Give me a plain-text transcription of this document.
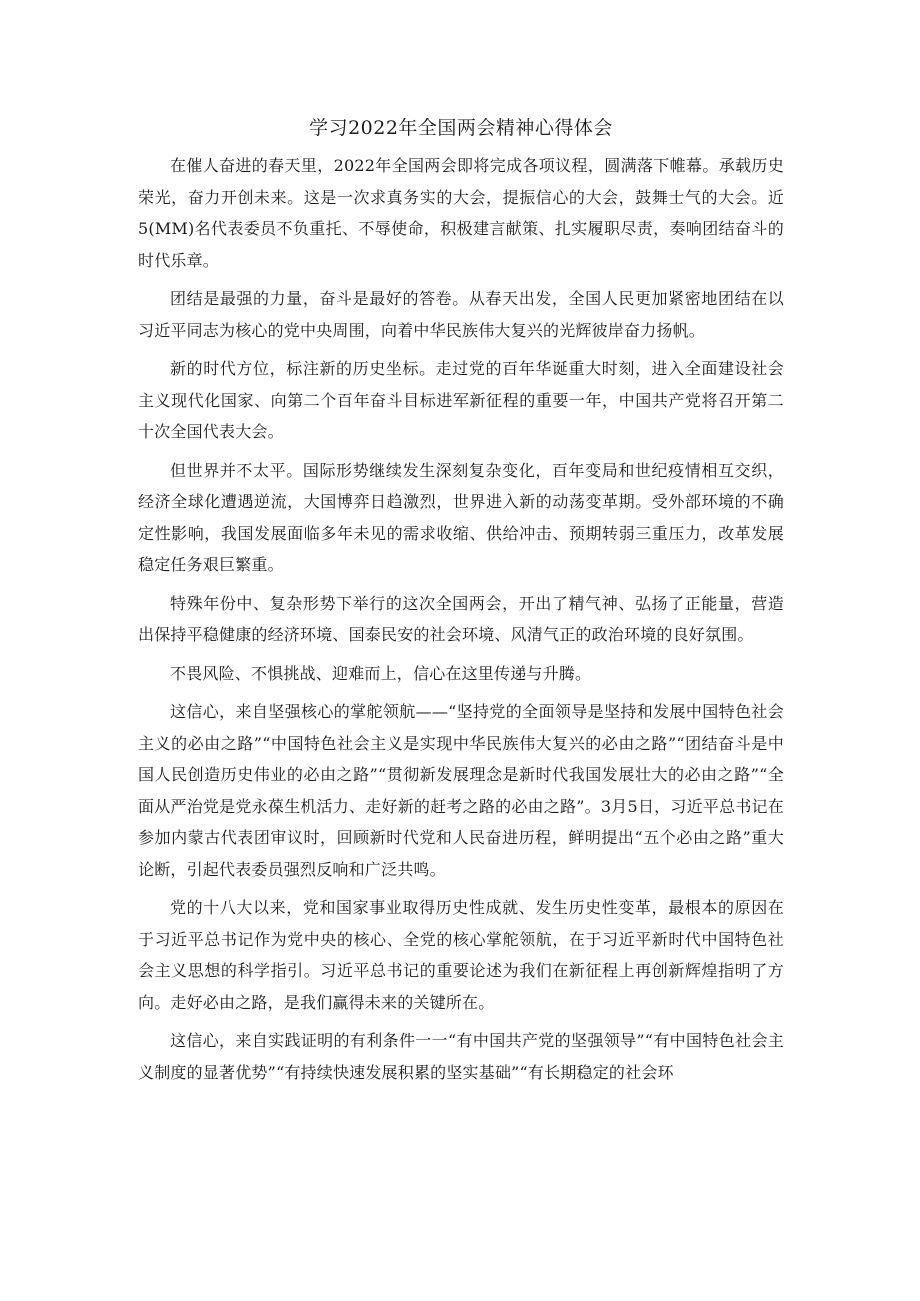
学习2022年全国两会精神心得体会

在催人奋进的春天里，2022年全国两会即将完成各项议程，圆满落下帷幕。承载历史荣光，奋力开创未来。这是一次求真务实的大会，提振信心的大会，鼓舞士气的大会。近5(MM)名代表委员不负重托、不辱使命，积极建言献策、扎实履职尽责，奏响团结奋斗的时代乐章。

团结是最强的力量，奋斗是最好的答卷。从春天出发，全国人民更加紧密地团结在以习近平同志为核心的党中央周围，向着中华民族伟大复兴的光辉彼岸奋力扬帆。

新的时代方位，标注新的历史坐标。走过党的百年华诞重大时刻，进入全面建设社会主义现代化国家、向第二个百年奋斗目标进军新征程的重要一年，中国共产党将召开第二十次全国代表大会。

但世界并不太平。国际形势继续发生深刻复杂变化，百年变局和世纪疫情相互交织，经济全球化遭遇逆流，大国博弈日趋激烈，世界进入新的动荡变革期。受外部环境的不确定性影响，我国发展面临多年未见的需求收缩、供给冲击、预期转弱三重压力，改革发展稳定任务艰巨繁重。

特殊年份中、复杂形势下举行的这次全国两会，开出了精气神、弘扬了正能量，营造出保持平稳健康的经济环境、国泰民安的社会环境、风清气正的政治环境的良好氛围。

不畏风险、不惧挑战、迎难而上，信心在这里传递与升腾。

这信心，来自坚强核心的掌舵领航——“坚持党的全面领导是坚持和发展中国特色社会主义的必由之路”“中国特色社会主义是实现中华民族伟大复兴的必由之路”“团结奋斗是中国人民创造历史伟业的必由之路”“贯彻新发展理念是新时代我国发展壮大的必由之路”“全面从严治党是党永葆生机活力、走好新的赶考之路的必由之路”。3月5日，习近平总书记在参加内蒙古代表团审议时，回顾新时代党和人民奋进历程，鲜明提出“五个必由之路”重大论断，引起代表委员强烈反响和广泛共鸣。

党的十八大以来，党和国家事业取得历史性成就、发生历史性变革，最根本的原因在于习近平总书记作为党中央的核心、全党的核心掌舵领航，在于习近平新时代中国特色社会主义思想的科学指引。习近平总书记的重要论述为我们在新征程上再创新辉煌指明了方向。走好必由之路，是我们赢得未来的关键所在。

这信心，来自实践证明的有利条件一一“有中国共产党的坚强领导”“有中国特色社会主义制度的显著优势”“有持续快速发展积累的坚实基础”“有长期稳定的社会环
